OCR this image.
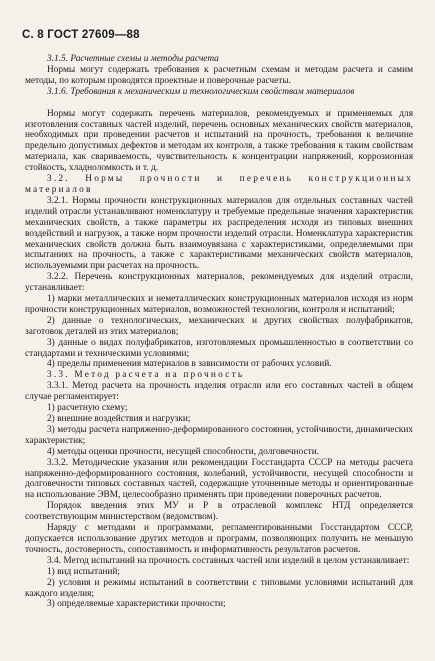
С. 8 ГОСТ 27609—88

3.1.5. Расчетные схемы и методы расчета

Нормы могут содержать требования к расчетным схемам и методам расчета и самим методы, по которым проводятся проектные и поверочные расчеты.

3.1.6. Требования к механическим и технологическим свойствам материалов

Нормы могут содержать перечень материалов, рекомендуемых и применяемых для изготовления составных частей изделий, перечень основных механических свойств материалов, необходимых при проведении расчетов и испытаний на прочность, требования к величине предельно допустимых дефектов и методам их контроля, а также требования к таким свойствам материала, как свариваемость, чувствительность к концентрации напряжений, коррозионная стойкость, хладноломкость и т. д.

3.2. Нормы прочности и перечень конструкционных материалов

3.2.1. Нормы прочности конструкционных материалов для отдельных составных частей изделий отрасли устанавливают номенклатуру и требуемые предельные значения характеристик механических свойств, а также параметры их распределения исходя из типовых внешних воздействий и нагрузок, а также норм прочности изделий отрасли. Номенклатура характеристик механических свойств должна быть взаимоувязана с характеристиками, определяемыми при испытаниях на прочность, а также с характеристиками механических свойств материалов, используемыми при расчетах на прочность.

3.2.2. Перечень конструкционных материалов, рекомендуемых для изделий отрасли, устанавливает:

1) марки металлических и неметаллических конструкционных материалов исходя из норм прочности конструкционных материалов, возможностей технологии, контроля и испытаний;

2) данные о технологических, механических и других свойствах полуфабрикатов, заготовок деталей из этих материалов;

3) данные о видах полуфабрикатов, изготовляемых промышленностью в соответствии со стандартами и техническими условиями;

4) пределы применения материалов в зависимости от рабочих условий.

3.3. Метод расчета на прочность

3.3.1. Метод расчета на прочность изделия отрасли или его составных частей в общем случае регламентирует:

1) расчетную схему;

2) внешние воздействия и нагрузки;

3) методы расчета напряженно-деформированного состояния, устойчивости, динамических характеристик;

4) методы оценки прочности, несущей способности, долговечности.

3.3.2. Методические указания или рекомендации Госстандарта СССР на методы расчета напряженно-деформированного состояния, колебаний, устойчивости, несущей способности и долговечности типовых составных частей, содержащие уточненные методы и ориентированные на использование ЭВМ, целесообразно применять при проведении поверочных расчетов.

Порядок введения этих МУ и Р в отраслевой комплекс НТД определяется соответствующим министерством (ведомством).

Наряду с методами и программами, регламентированными Госстандартом СССР, допускается использование других методов и программ, позволяющих получить не меньшую точность, достоверность, сопоставимость и информативность результатов расчетов.

3.4. Метод испытаний на прочность составных частей или изделий в целом устанавливает:

1) вид испытаний;

2) условия и режимы испытаний в соответствии с типовыми условиями испытаний для каждого изделия;

3) определяемые характеристики прочности;
